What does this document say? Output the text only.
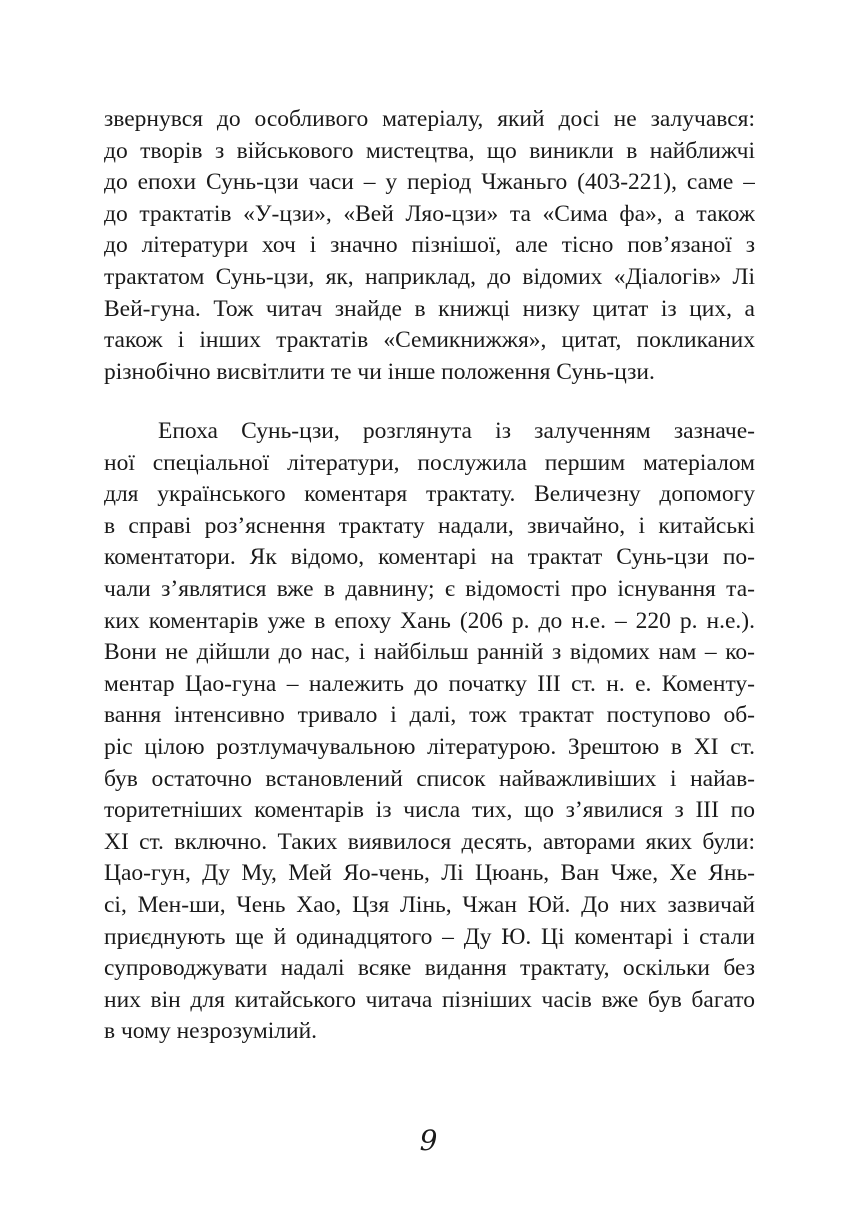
звернувся до особливого матеріалу, який досі не залучався:
до творів з військового мистецтва, що виникли в найближчі
до епохи Сунь-цзи часи – у період Чжаньго (403-221), саме –
до трактатів «У-цзи», «Вей Ляо-цзи» та «Сима фа», а також
до літератури хоч і значно пізнішої, але тісно пов’язаної з
трактатом Сунь-цзи, як, наприклад, до відомих «Діалогів» Лі
Вей-гуна. Тож читач знайде в книжці низку цитат із цих, а
також і інших трактатів «Семикнижжя», цитат, покликаних
різнобічно висвітлити те чи інше положення Сунь-цзи.
Епоха Сунь-цзи, розглянута із залученням зазначе-
ної спеціальної літератури, послужила першим матеріалом
для українського коментаря трактату. Величезну допомогу
в справі роз’яснення трактату надали, звичайно, і китайські
коментатори. Як відомо, коментарі на трактат Сунь-цзи по-
чали з’являтися вже в давнину; є відомості про існування та-
ких коментарів уже в епоху Хань (206 р. до н.е. – 220 р. н.е.).
Вони не дійшли до нас, і найбільш ранній з відомих нам – ко-
ментар Цао-гуна – належить до початку ІІІ ст. н. е. Коменту-
вання інтенсивно тривало і далі, тож трактат поступово об-
ріс цілою розтлумачувальною літературою. Зрештою в ХІ ст.
був остаточно встановлений список найважливіших і найав-
торитетніших коментарів із числа тих, що з’явилися з ІІІ по
ХІ ст. включно. Таких виявилося десять, авторами яких були:
Цао-гун, Ду Му, Мей Яо-чень, Лі Цюань, Ван Чже, Хе Янь-
сі, Мен-ши, Чень Хао, Цзя Лінь, Чжан Юй. До них зазвичай
приєднують ще й одинадцятого – Ду Ю. Ці коментарі і стали
супроводжувати надалі всяке видання трактату, оскільки без
них він для китайського читача пізніших часів вже був багато
в чому незрозумілий.
9
